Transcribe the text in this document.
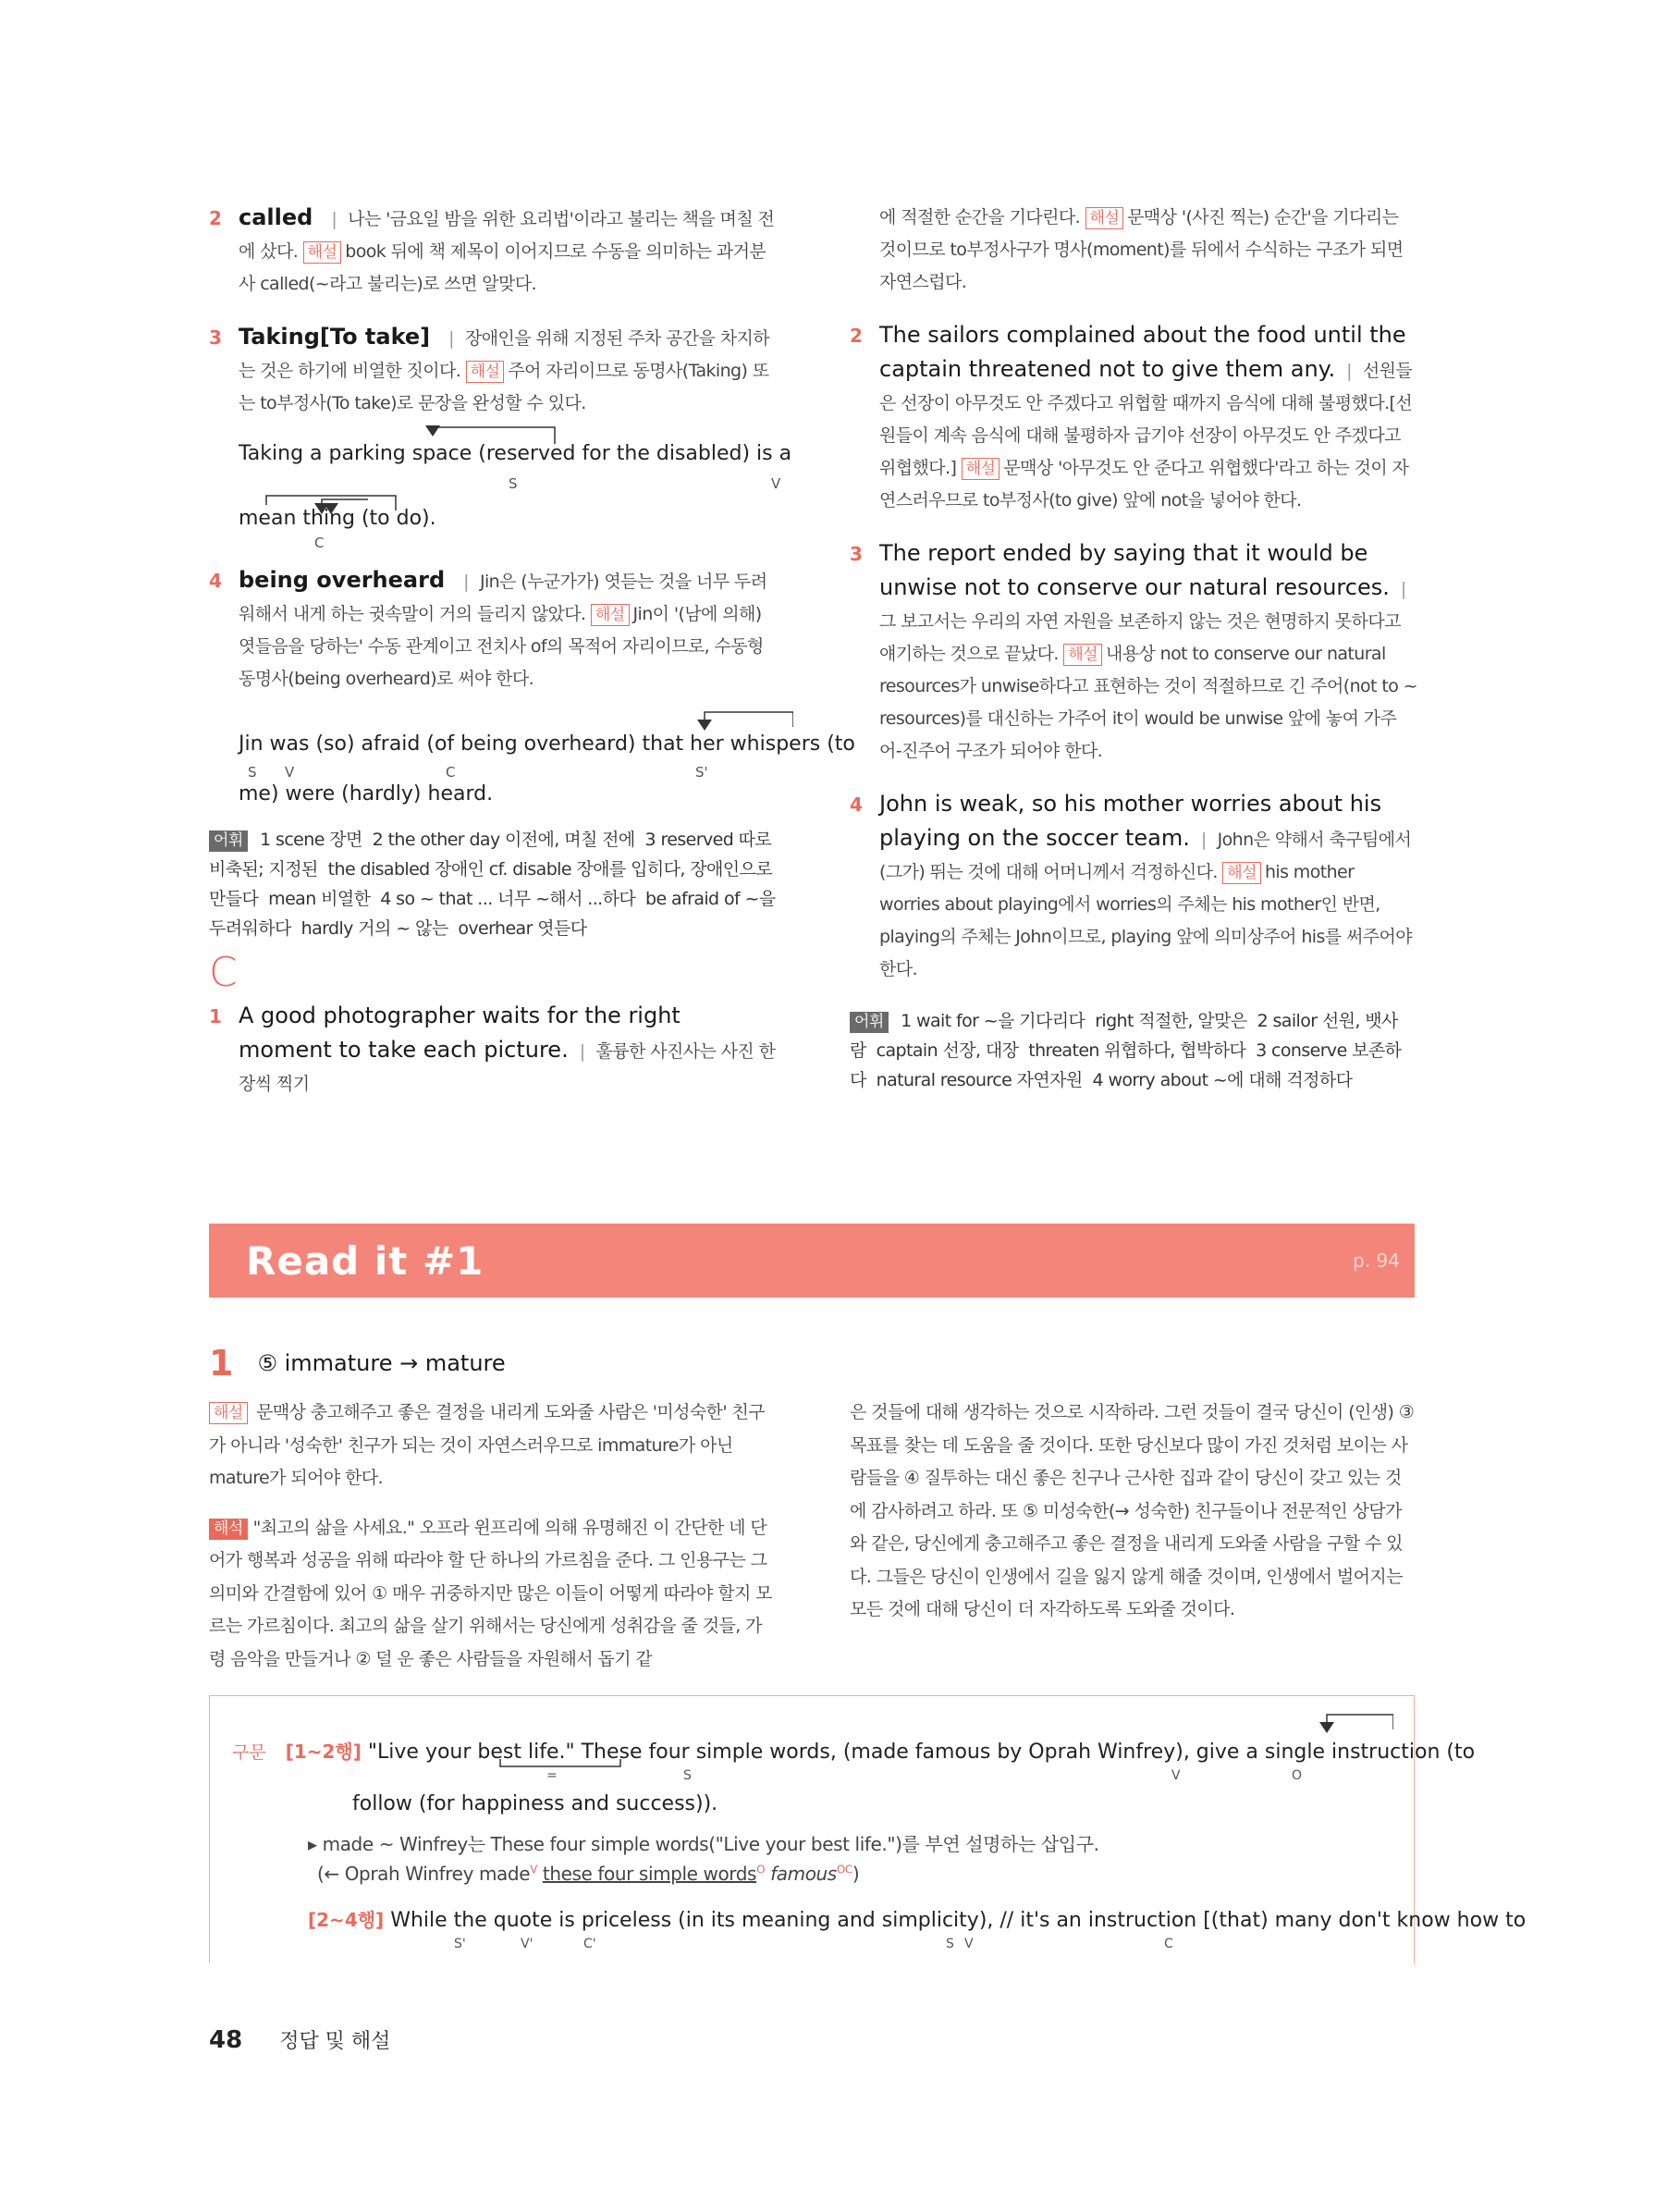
2 called | 나는 '금요일 밤을 위한 요리법'이라고 불리는 책을 며칠 전에 샀다. 해설 book 뒤에 책 제목이 이어지므로 수동을 의미하는 과거분사 called(~라고 불리는)로 쓰면 알맞다.
3 Taking[To take] | 장애인을 위해 지정된 주차 공간을 차지하는 것은 하기에 비열한 짓이다. 해설 주어 자리이므로 동명사(Taking) 또는 to부정사(To take)로 문장을 완성할 수 있다.
Taking a parking space (reserved for the disabled) is a
S	V
mean thing (to do).
C
4 being overheard | Jin은 (누군가가) 엿듣는 것을 너무 두려워해서 내게 하는 귓속말이 거의 들리지 않았다. 해설 Jin이 '(남에 의해) 엿들음을 당하는' 수동 관계이고 전치사 of의 목적어 자리이므로, 수동형 동명사(being overheard)로 써야 한다.
Jin was (so) afraid (of being overheard) that her whispers (to
S V	C	S'
me) were (hardly) heard.
어휘 1 scene 장면 2 the other day 이전에, 며칠 전에 3 reserved 따로 비축된; 지정된 the disabled 장애인 cf. disable 장애를 입히다, 장애인으로 만들다 mean 비열한 4 so ~ that ... 너무 ~해서 ...하다 be afraid of ~을 두려워하다 hardly 거의 ~ 않는 overhear 엿듣다
C
1 A good photographer waits for the right moment to take each picture. | 훌륭한 사진사는 사진 한 장씩 찍기
에 적절한 순간을 기다린다. 해설 문맥상 '(사진 찍는) 순간'을 기다리는 것이므로 to부정사구가 명사(moment)를 뒤에서 수식하는 구조가 되면 자연스럽다.
2 The sailors complained about the food until the captain threatened not to give them any. | 선원들은 선장이 아무것도 안 주겠다고 위협할 때까지 음식에 대해 불평했다.[선원들이 계속 음식에 대해 불평하자 급기야 선장이 아무것도 안 주겠다고 위협했다.] 해설 문맥상 '아무것도 안 준다고 위협했다'라고 하는 것이 자연스러우므로 to부정사(to give) 앞에 not을 넣어야 한다.
3 The report ended by saying that it would be unwise not to conserve our natural resources. |그 보고서는 우리의 자연 자원을 보존하지 않는 것은 현명하지 못하다고 얘기하는 것으로 끝났다. 해설 내용상 not to conserve our natural resources가 unwise하다고 표현하는 것이 적절하므로 긴 주어(not to ~ resources)를 대신하는 가주어 it이 would be unwise 앞에 놓여 가주어-진주어 구조가 되어야 한다.
4 John is weak, so his mother worries about his playing on the soccer team. | John은 약해서 축구팀에서 (그가) 뛰는 것에 대해 어머니께서 걱정하신다. 해설 his mother worries about playing에서 worries의 주체는 his mother인 반면, playing의 주체는 John이므로, playing 앞에 의미상주어 his를 써주어야 한다.
어휘 1 wait for ~을 기다리다 right 적절한, 알맞은 2 sailor 선원, 뱃사람 captain 선장, 대장 threaten 위협하다, 협박하다 3 conserve 보존하다 natural resource 자연자원 4 worry about ~에 대해 걱정하다
Read it #1	p. 94
1 ⑤ immature → mature

해설 문맥상 충고해주고 좋은 결정을 내리게 도와줄 사람은 '미성숙한' 친구가 아니라 '성숙한' 친구가 되는 것이 자연스러우므로 immature가 아닌 mature가 되어야 한다.

해석 "최고의 삶을 사세요." 오프라 윈프리에 의해 유명해진 이 간단한 네 단어가 행복과 성공을 위해 따라야 할 단 하나의 가르침을 준다. 그 인용구는 그 의미와 간결함에 있어 ① 매우 귀중하지만 많은 이들이 어떻게 따라야 할지 모르는 가르침이다. 최고의 삶을 살기 위해서는 당신에게 성취감을 줄 것들, 가령 음악을 만들거나 ② 덜 운 좋은 사람들을 자원해서 돕기 같

은 것들에 대해 생각하는 것으로 시작하라. 그런 것들이 결국 당신이 (인생) ③ 목표를 찾는 데 도움을 줄 것이다. 또한 당신보다 많이 가진 것처럼 보이는 사람들을 ④ 질투하는 대신 좋은 친구나 근사한 집과 같이 당신이 갖고 있는 것에 감사하려고 하라. 또 ⑤ 미성숙한(→ 성숙한) 친구들이나 전문적인 상담가와 같은, 당신에게 충고해주고 좋은 결정을 내리게 도와줄 사람을 구할 수 있다. 그들은 당신이 인생에서 길을 잃지 않게 해줄 것이며, 인생에서 벌어지는 모든 것에 대해 당신이 더 자각하도록 도와줄 것이다.

구문 [1~2행] "Live your best life." These four simple words, (made famous by Oprah Winfrey), give a single instruction (to
=	S	V	O
follow (for happiness and success)).
▸ made ~ Winfrey는 These four simple words("Live your best life.")를 부연 설명하는 삽입구.
(← Oprah Winfrey made$^V$ these four simple words$^O$ famous$^{OC}$)
[2~4행] While the quote is priceless (in its meaning and simplicity), // it's an instruction [(that) many don't know how to
S'	V'	C'	S V	C
48 정답 및 해설
